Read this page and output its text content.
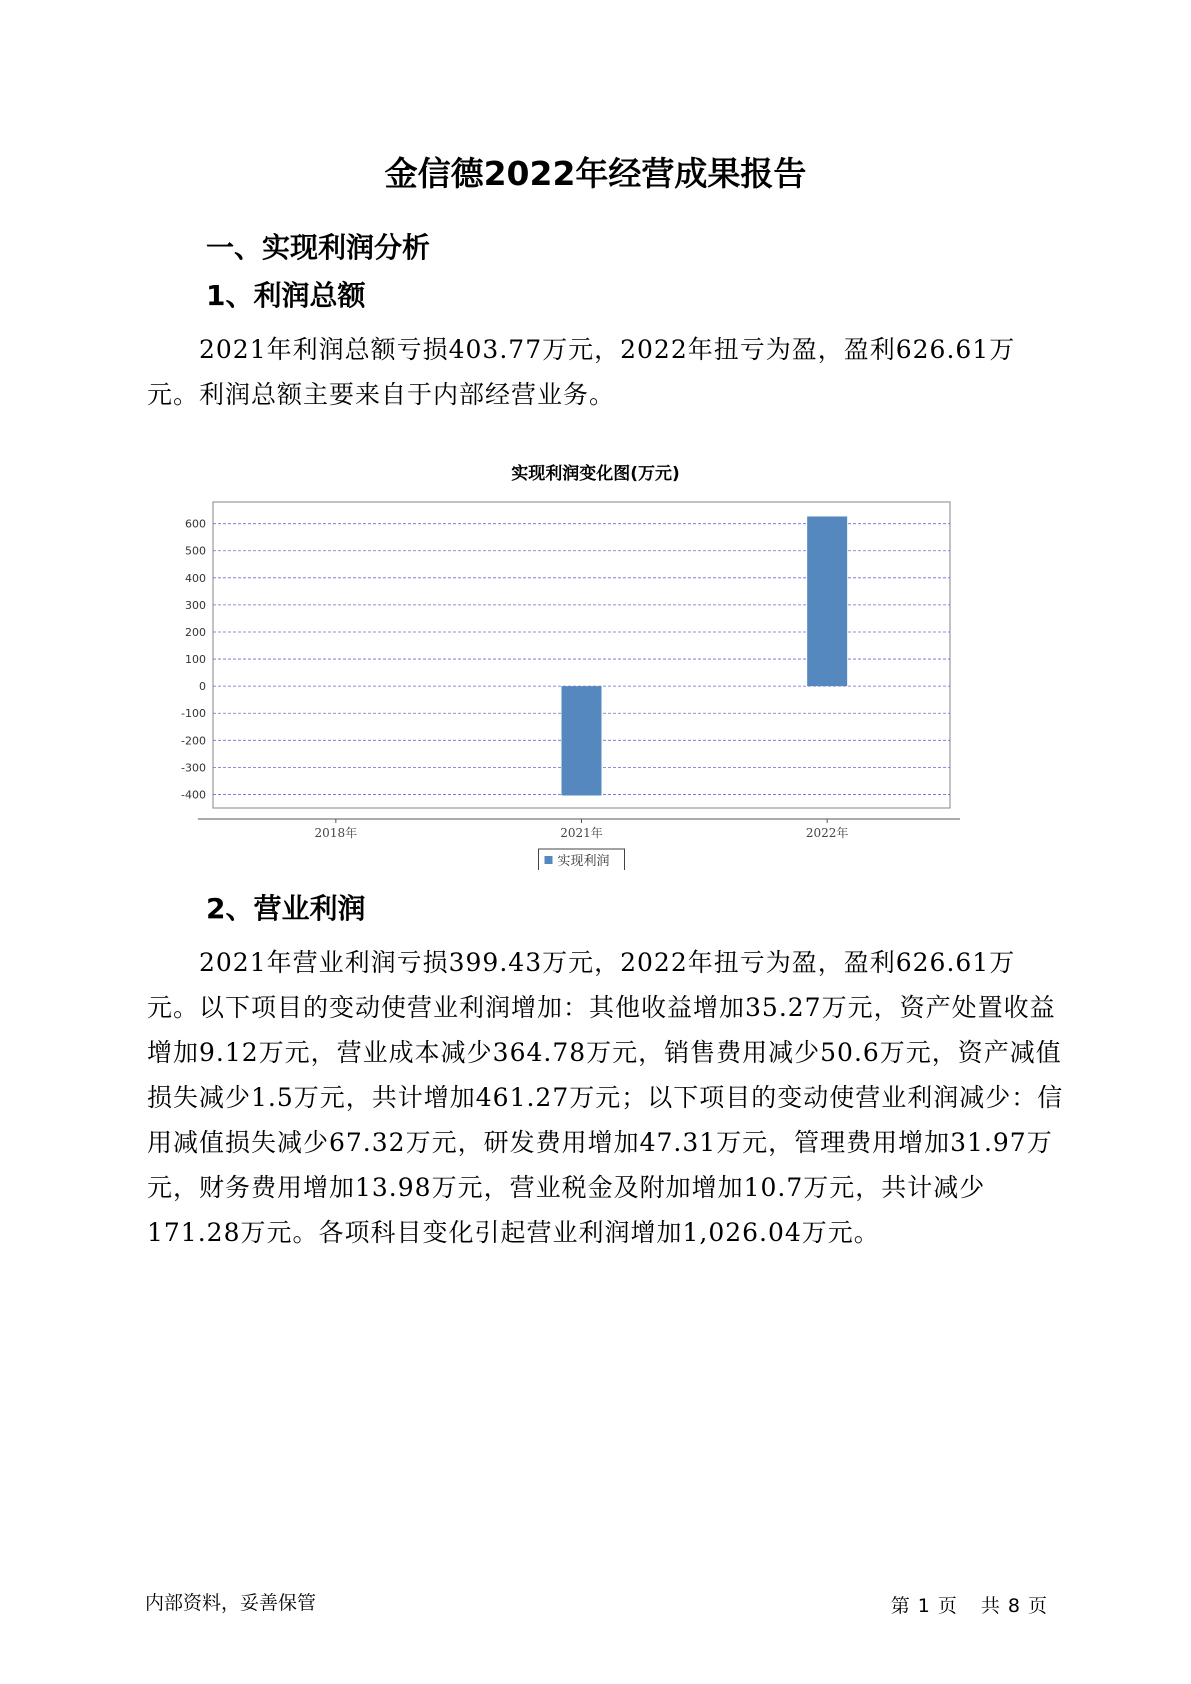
金信德2022年经营成果报告
一、实现利润分析
1、利润总额

2021年利润总额亏损403.77万元，2022年扭亏为盈，盈利626.61万元。利润总额主要来自于内部经营业务。

实现利润变化图(万元)
600
500
400
300
200
100
0
-100
-200
-300
-400
2018年	2021年	2022年
实现利润
2、营业利润

2021年营业利润亏损399.43万元，2022年扭亏为盈，盈利626.61万元。以下项目的变动使营业利润增加：其他收益增加35.27万元，资产处置收益增加9.12万元，营业成本减少364.78万元，销售费用减少50.6万元，资产减值损失减少1.5万元，共计增加461.27万元；以下项目的变动使营业利润减少：信用减值损失减少67.32万元，研发费用增加47.31万元，管理费用增加31.97万元，财务费用增加13.98万元，营业税金及附加增加10.7万元，共计减少171.28万元。各项科目变化引起营业利润增加1,026.04万元。

内部资料，妥善保管	第 1 页 共 8 页
